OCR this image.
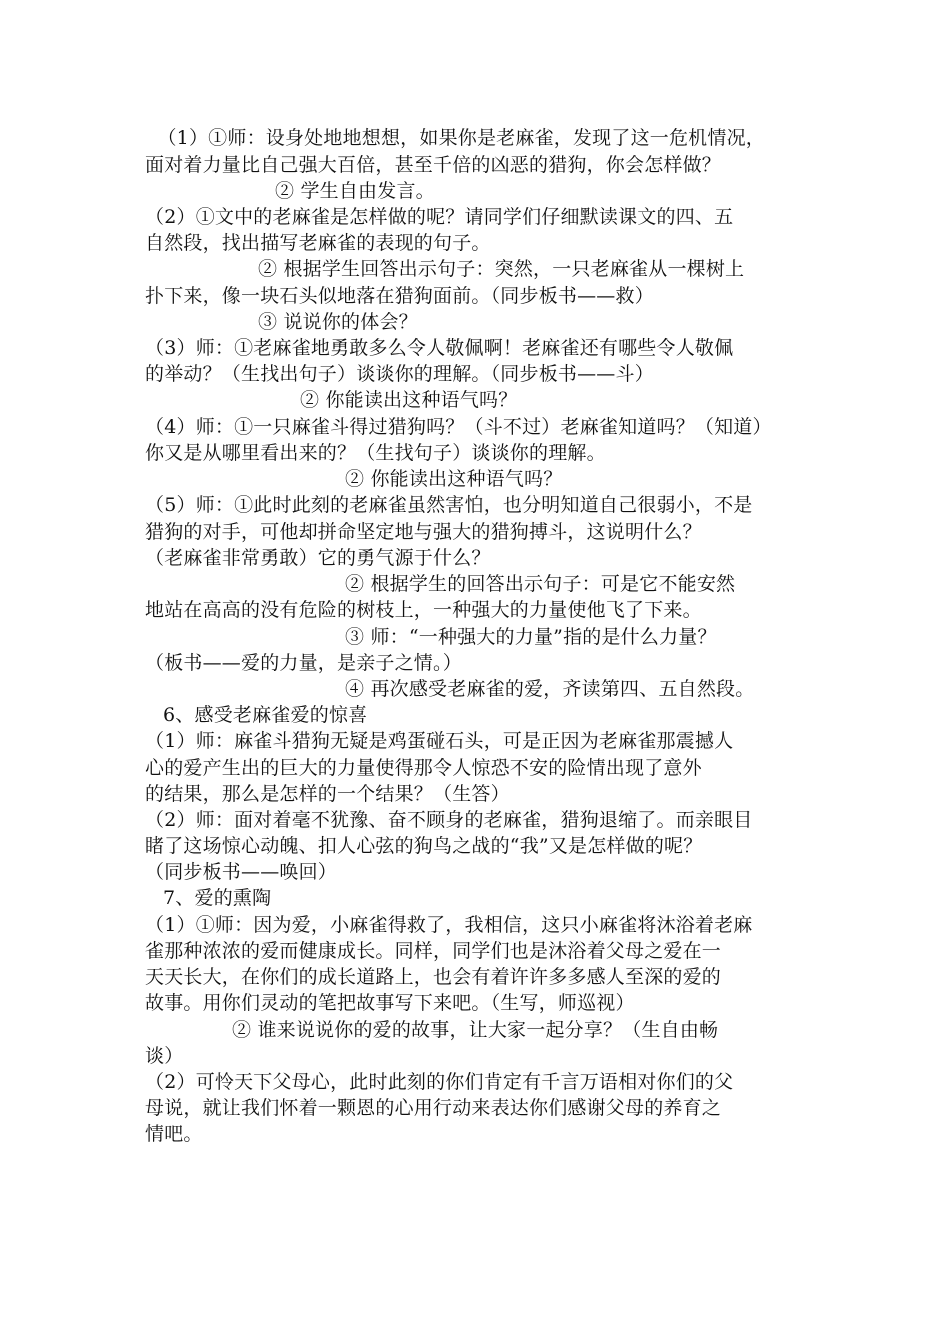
（1）①师：设身处地地想想，如果你是老麻雀，发现了这一危机情况，
面对着力量比自己强大百倍，甚至千倍的凶恶的猎狗，你会怎样做？
② 学生自由发言。
（2）①文中的老麻雀是怎样做的呢？请同学们仔细默读课文的四、五
自然段，找出描写老麻雀的表现的句子。
② 根据学生回答出示句子：突然，一只老麻雀从一棵树上
扑下来，像一块石头似地落在猎狗面前。（同步板书——救）
③ 说说你的体会？
（3）师：①老麻雀地勇敢多么令人敬佩啊！老麻雀还有哪些令人敬佩
的举动？（生找出句子）谈谈你的理解。（同步板书——斗）
② 你能读出这种语气吗？
（4）师：①一只麻雀斗得过猎狗吗？（斗不过）老麻雀知道吗？（知道）
你又是从哪里看出来的？（生找句子）谈谈你的理解。
② 你能读出这种语气吗？
（5）师：①此时此刻的老麻雀虽然害怕，也分明知道自己很弱小，不是
猎狗的对手，可他却拼命坚定地与强大的猎狗搏斗，这说明什么？
（老麻雀非常勇敢）它的勇气源于什么？
② 根据学生的回答出示句子：可是它不能安然
地站在高高的没有危险的树枝上，一种强大的力量使他飞了下来。
③ 师：“一种强大的力量”指的是什么力量？
（板书——爱的力量，是亲子之情。）
④ 再次感受老麻雀的爱，齐读第四、五自然段。
6、感受老麻雀爱的惊喜
（1）师：麻雀斗猎狗无疑是鸡蛋碰石头，可是正因为老麻雀那震撼人
心的爱产生出的巨大的力量使得那令人惊恐不安的险情出现了意外
的结果，那么是怎样的一个结果？（生答）
（2）师：面对着毫不犹豫、奋不顾身的老麻雀，猎狗退缩了。而亲眼目
睹了这场惊心动魄、扣人心弦的狗鸟之战的“我”又是怎样做的呢？
（同步板书——唤回）
7、爱的熏陶
（1）①师：因为爱，小麻雀得救了，我相信，这只小麻雀将沐浴着老麻
雀那种浓浓的爱而健康成长。同样，同学们也是沐浴着父母之爱在一
天天长大，在你们的成长道路上，也会有着许许多多感人至深的爱的
故事。用你们灵动的笔把故事写下来吧。（生写，师巡视）
② 谁来说说你的爱的故事，让大家一起分享？（生自由畅
谈）
（2）可怜天下父母心，此时此刻的你们肯定有千言万语相对你们的父
母说，就让我们怀着一颗恩的心用行动来表达你们感谢父母的养育之
情吧。
